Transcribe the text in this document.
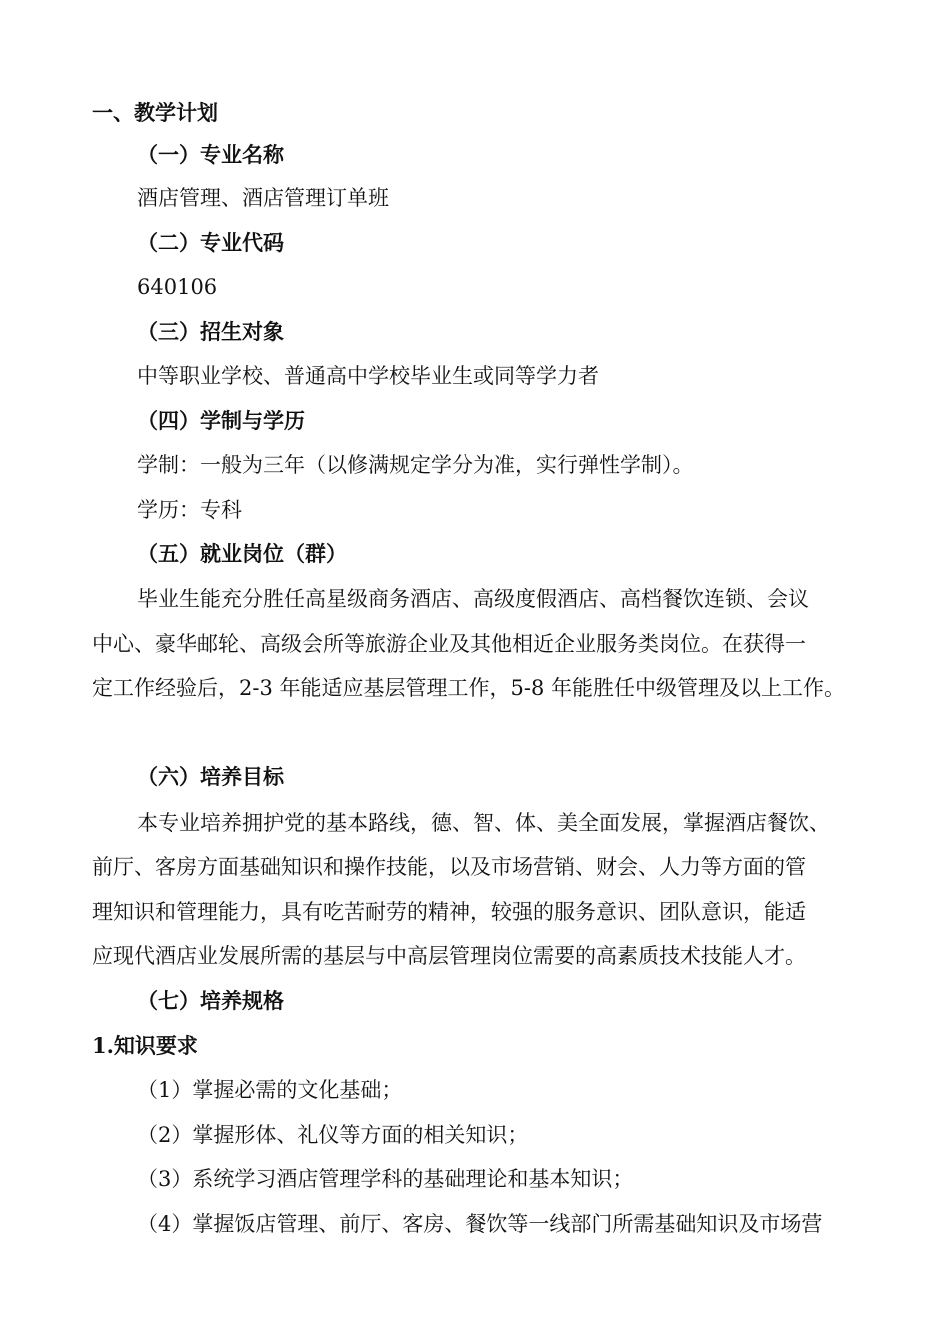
一、教学计划
（一）专业名称
酒店管理、酒店管理订单班
（二）专业代码
640106
（三）招生对象
中等职业学校、普通高中学校毕业生或同等学力者
（四）学制与学历
学制：一般为三年（以修满规定学分为准，实行弹性学制）。
学历：专科
（五）就业岗位（群）
毕业生能充分胜任高星级商务酒店、高级度假酒店、高档餐饮连锁、会议
中心、豪华邮轮、高级会所等旅游企业及其他相近企业服务类岗位。在获得一
定工作经验后，2-3 年能适应基层管理工作，5-8 年能胜任中级管理及以上工作。
（六）培养目标
本专业培养拥护党的基本路线，德、智、体、美全面发展，掌握酒店餐饮、
前厅、客房方面基础知识和操作技能，以及市场营销、财会、人力等方面的管
理知识和管理能力，具有吃苦耐劳的精神，较强的服务意识、团队意识，能适
应现代酒店业发展所需的基层与中高层管理岗位需要的高素质技术技能人才。
（七）培养规格
1.知识要求
（1）掌握必需的文化基础；
（2）掌握形体、礼仪等方面的相关知识；
（3）系统学习酒店管理学科的基础理论和基本知识；
（4）掌握饭店管理、前厅、客房、餐饮等一线部门所需基础知识及市场营
